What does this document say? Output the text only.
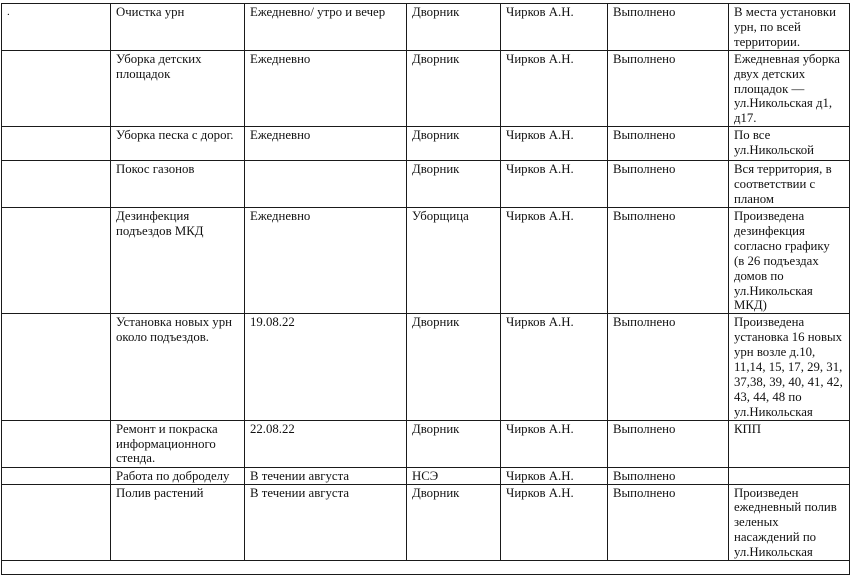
.	Очистка урн	Ежедневно/ утро и вечер	Дворник	Чирков А.Н.	Выполнено	В места установки урн, по всей территории.
	Уборка детских площадок	Ежедневно	Дворник	Чирков А.Н.	Выполнено	Ежедневная уборка двух детских площадок — ул.Никольская д1, д17.
	Уборка песка с дорог.	Ежедневно	Дворник	Чирков А.Н.	Выполнено	По все ул.Никольской
	Покос газонов		Дворник	Чирков А.Н.	Выполнено	Вся территория, в соответствии с планом
	Дезинфекция подъездов МКД	Ежедневно	Уборщица	Чирков А.Н.	Выполнено	Произведена дезинфекция согласно графику (в 26 подъездах домов по ул.Никольская МКД)
	Установка новых урн около подъездов.	19.08.22	Дворник	Чирков А.Н.	Выполнено	Произведена установка 16 новых урн возле д.10, 11,14, 15, 17, 29, 31, 37,38, 39, 40, 41, 42, 43, 44, 48 по ул.Никольская
	Ремонт и покраска информационного стенда.	22.08.22	Дворник	Чирков А.Н.	Выполнено	КПП
	Работа по доброделу	В течении августа	НСЭ	Чирков А.Н.	Выполнено	
	Полив растений	В течении августа	Дворник	Чирков А.Н.	Выполнено	Произведен ежедневный полив зеленых насаждений по ул.Никольская
